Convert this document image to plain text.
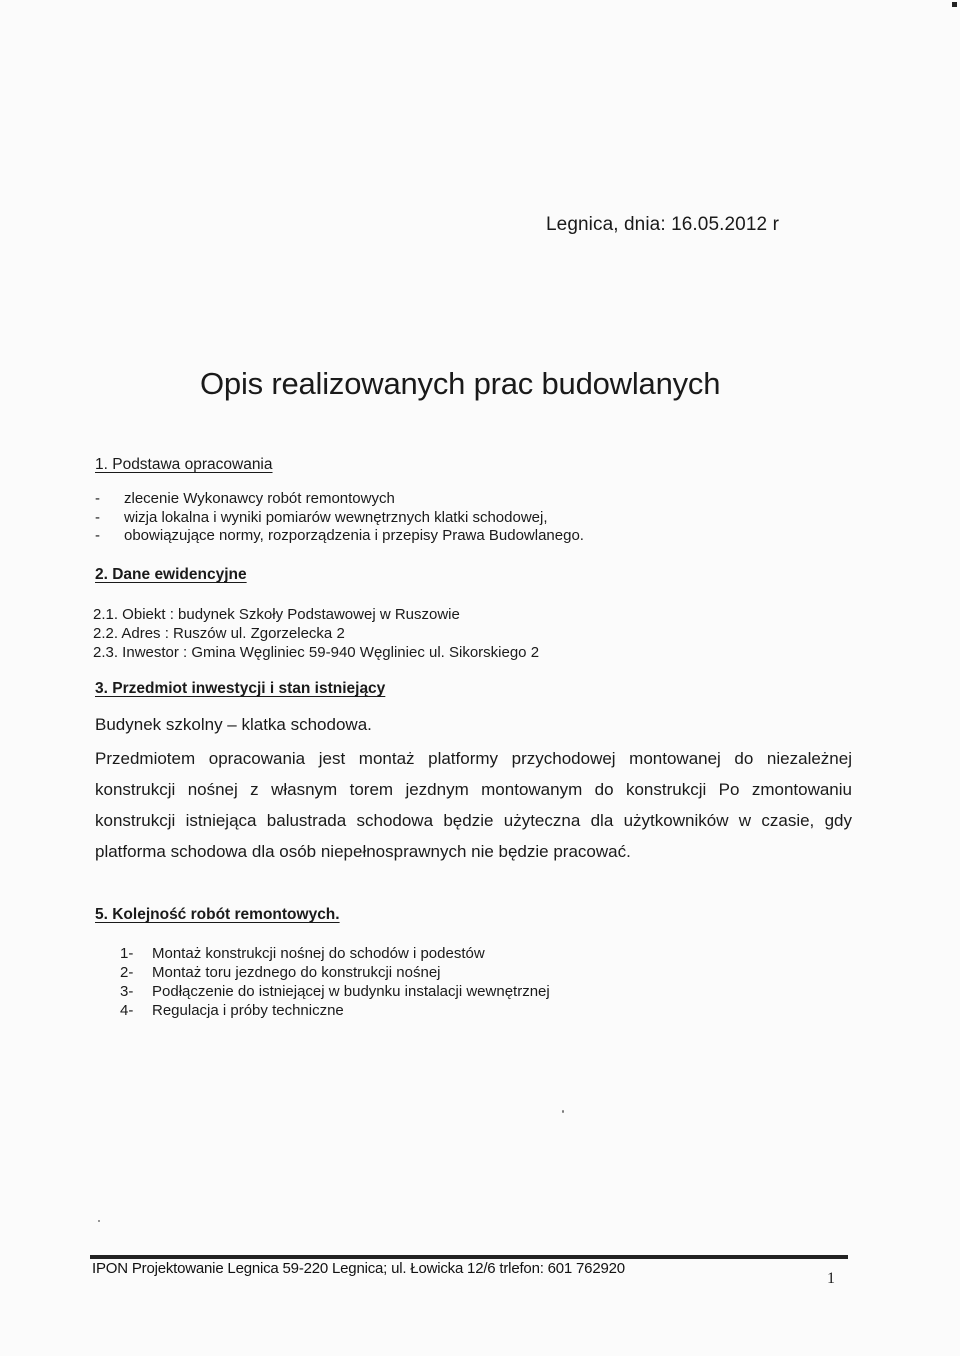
Legnica, dnia: 16.05.2012 r
Opis realizowanych prac budowlanych
1. Podstawa opracowania
- zlecenie Wykonawcy robót remontowych
- wizja lokalna i wyniki pomiarów wewnętrznych klatki schodowej,
- obowiązujące normy, rozporządzenia i przepisy Prawa Budowlanego.
2. Dane ewidencyjne
2.1. Obiekt : budynek Szkoły Podstawowej w Ruszowie
2.2. Adres : Ruszów ul. Zgorzelecka 2
2.3. Inwestor : Gmina Węgliniec 59-940 Węgliniec ul. Sikorskiego 2
3. Przedmiot inwestycji i stan istniejący
Budynek szkolny – klatka schodowa.

Przedmiotem opracowania jest montaż platformy przychodowej montowanej do niezależnej konstrukcji nośnej z własnym torem jezdnym montowanym do konstrukcji Po zmontowaniu konstrukcji istniejąca balustrada schodowa będzie użyteczna dla użytkowników w czasie, gdy platforma schodowa dla osób niepełnosprawnych nie będzie pracować.

5. Kolejność robót remontowych.
1- Montaż konstrukcji nośnej do schodów i podestów
2- Montaż toru jezdnego do konstrukcji nośnej
3- Podłączenie do istniejącej w budynku instalacji wewnętrznej
4- Regulacja i próby techniczne
IPON Projektowanie Legnica 59-220 Legnica; ul. Łowicka 12/6 trlefon: 601 762920
1
